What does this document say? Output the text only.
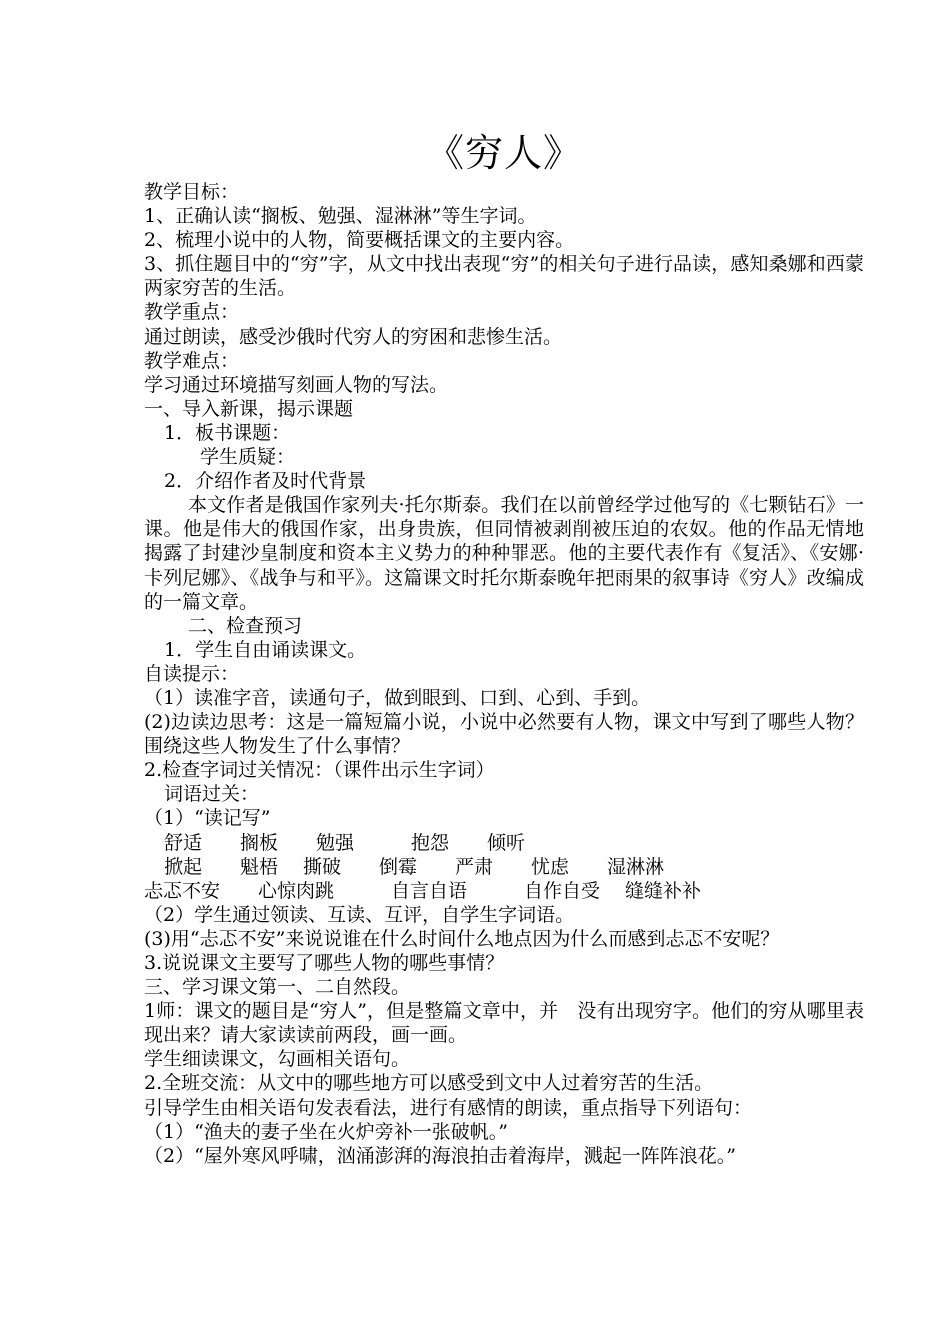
《穷人》
教学目标：
1、正确认读“搁板、勉强、湿淋淋”等生字词。
2、梳理小说中的人物，简要概括课文的主要内容。
3、抓住题目中的“穷”字，从文中找出表现“穷”的相关句子进行品读，感知桑娜和西蒙两家穷苦的生活。
教学重点：
通过朗读，感受沙俄时代穷人的穷困和悲惨生活。
教学难点：
学习通过环境描写刻画人物的写法。
一、导入新课，揭示课题
1．板书课题：
学生质疑：
2．介绍作者及时代背景
本文作者是俄国作家列夫·托尔斯泰。我们在以前曾经学过他写的《七颗钻石》一课。他是伟大的俄国作家，出身贵族，但同情被剥削被压迫的农奴。他的作品无情地揭露了封建沙皇制度和资本主义势力的种种罪恶。他的主要代表作有《复活》、《安娜·卡列尼娜》、《战争与和平》。这篇课文时托尔斯泰晚年把雨果的叙事诗《穷人》改编成的一篇文章。
二、检查预习
1．学生自由诵读课文。
自读提示：
（1）读准字音，读通句子，做到眼到、口到、心到、手到。
(2)边读边思考：这是一篇短篇小说，小说中必然要有人物，课文中写到了哪些人物？围绕这些人物发生了什么事情？
2.检查字词过关情况：（课件出示生字词）
词语过关：
（1）“读记写”
舒适　　搁板　　勉强　　　抱怨　　倾听
掀起　　魁梧　 撕破　　倒霉　　严肃　　忧虑　　湿淋淋
忐忑不安　　心惊肉跳　　　自言自语　　　自作自受　 缝缝补补
（2）学生通过领读、互读、互评，自学生字词语。
(3)用“忐忑不安”来说说谁在什么时间什么地点因为什么而感到忐忑不安呢？
3.说说课文主要写了哪些人物的哪些事情？
三、学习课文第一、二自然段。
1师：课文的题目是“穷人”，但是整篇文章中，并　没有出现穷字。他们的穷从哪里表现出来？请大家读读前两段，画一画。
学生细读课文，勾画相关语句。
2.全班交流：从文中的哪些地方可以感受到文中人过着穷苦的生活。
引导学生由相关语句发表看法，进行有感情的朗读，重点指导下列语句：
（1）“渔夫的妻子坐在火炉旁补一张破帆。”
（2）“屋外寒风呼啸，汹涌澎湃的海浪拍击着海岸，溅起一阵阵浪花。”
